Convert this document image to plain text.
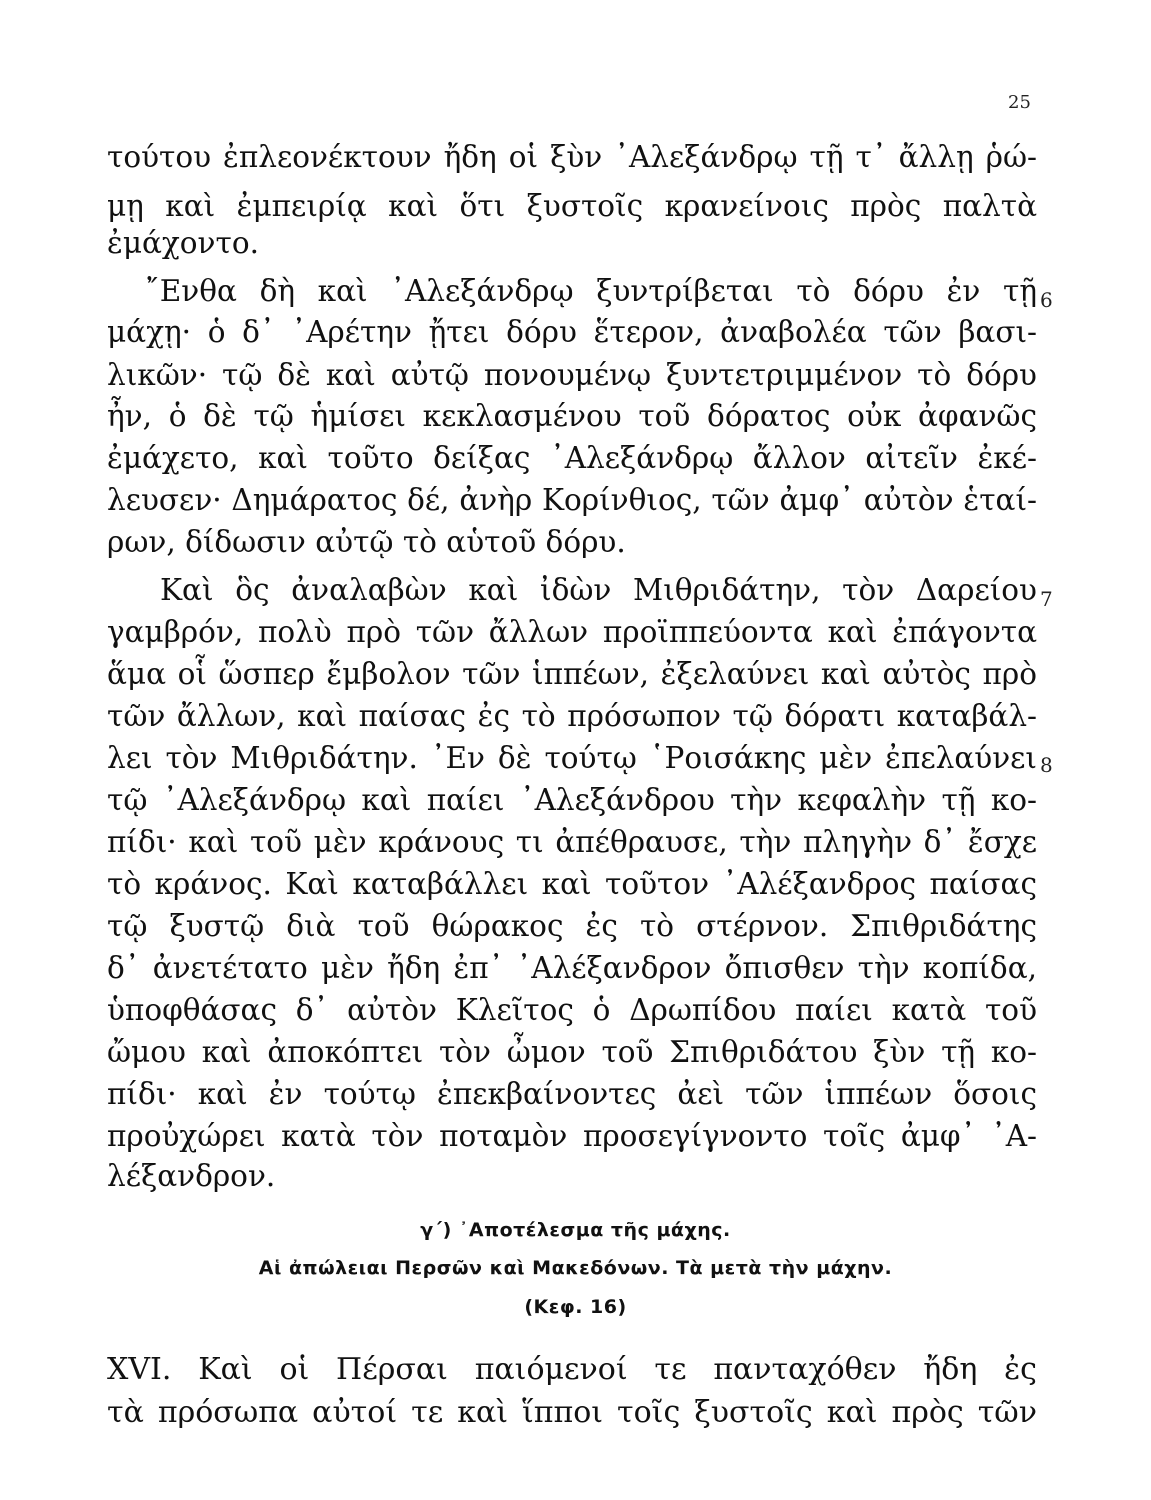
25
τούτου ἐπλεονέκτουν ἤδη οἱ ξὺν ᾿Αλεξάνδρῳ τῇ τ᾿ ἄλλῃ ῥώ-
μῃ καὶ ἐμπειρίᾳ καὶ ὅτι ξυστοῖς κρανείνοις πρὸς παλτὰ
ἐμάχοντο.
῎Ενθα δὴ καὶ ᾿Αλεξάνδρῳ ξυντρίβεται τὸ δόρυ ἐν τῇ 6
μάχῃ· ὁ δ᾿ ᾿Αρέτην ᾔτει δόρυ ἕτερον, ἀναβολέα τῶν βασι-
λικῶν· τῷ δὲ καὶ αὐτῷ πονουμένῳ ξυντετριμμένον τὸ δόρυ
ἦν, ὁ δὲ τῷ ἡμίσει κεκλασμένου τοῦ δόρατος οὐκ ἀφανῶς
ἐμάχετο, καὶ τοῦτο δείξας ᾿Αλεξάνδρῳ ἄλλον αἰτεῖν ἐκέ-
λευσεν· Δημάρατος δέ, ἀνὴρ Κορίνθιος, τῶν ἀμφ᾿ αὐτὸν ἑταί-
ρων, δίδωσιν αὐτῷ τὸ αὑτοῦ δόρυ.
Καὶ ὃς ἀναλαβὼν καὶ ἰδὼν Μιθριδάτην, τὸν Δαρείου 7
γαμβρόν, πολὺ πρὸ τῶν ἄλλων προϊππεύοντα καὶ ἐπάγοντα
ἅμα οἷ ὥσπερ ἔμβολον τῶν ἱππέων, ἐξελαύνει καὶ αὐτὸς πρὸ
τῶν ἄλλων, καὶ παίσας ἐς τὸ πρόσωπον τῷ δόρατι καταβάλ-
λει τὸν Μιθριδάτην. ᾿Εν δὲ τούτῳ ῾Ροισάκης μὲν ἐπελαύνει 8
τῷ ᾿Αλεξάνδρῳ καὶ παίει ᾿Αλεξάνδρου τὴν κεφαλὴν τῇ κο-
πίδι· καὶ τοῦ μὲν κράνους τι ἀπέθραυσε, τὴν πληγὴν δ᾿ ἔσχε
τὸ κράνος. Καὶ καταβάλλει καὶ τοῦτον ᾿Αλέξανδρος παίσας
τῷ ξυστῷ διὰ τοῦ θώρακος ἐς τὸ στέρνον. Σπιθριδάτης
δ᾿ ἀνετέτατο μὲν ἤδη ἐπ᾿ ᾿Αλέξανδρον ὄπισθεν τὴν κοπίδα,
ὑποφθάσας δ᾿ αὐτὸν Κλεῖτος ὁ Δρωπίδου παίει κατὰ τοῦ
ὤμου καὶ ἀποκόπτει τὸν ὦμον τοῦ Σπιθριδάτου ξὺν τῇ κο-
πίδι· καὶ ἐν τούτῳ ἐπεκβαίνοντες ἀεὶ τῶν ἱππέων ὅσοις
προὐχώρει κατὰ τὸν ποταμὸν προσεγίγνοντο τοῖς ἀμφ᾿ ᾿Α-
λέξανδρον.
γ΄) ᾿Αποτέλεσμα τῆς μάχης.
Αἱ ἀπώλειαι Περσῶν καὶ Μακεδόνων. Τὰ μετὰ τὴν μάχην.
(Κεφ. 16)
XVI. Καὶ οἱ Πέρσαι παιόμενοί τε πανταχόθεν ἤδη ἐς
τὰ πρόσωπα αὐτοί τε καὶ ἵπποι τοῖς ξυστοῖς καὶ πρὸς τῶν
